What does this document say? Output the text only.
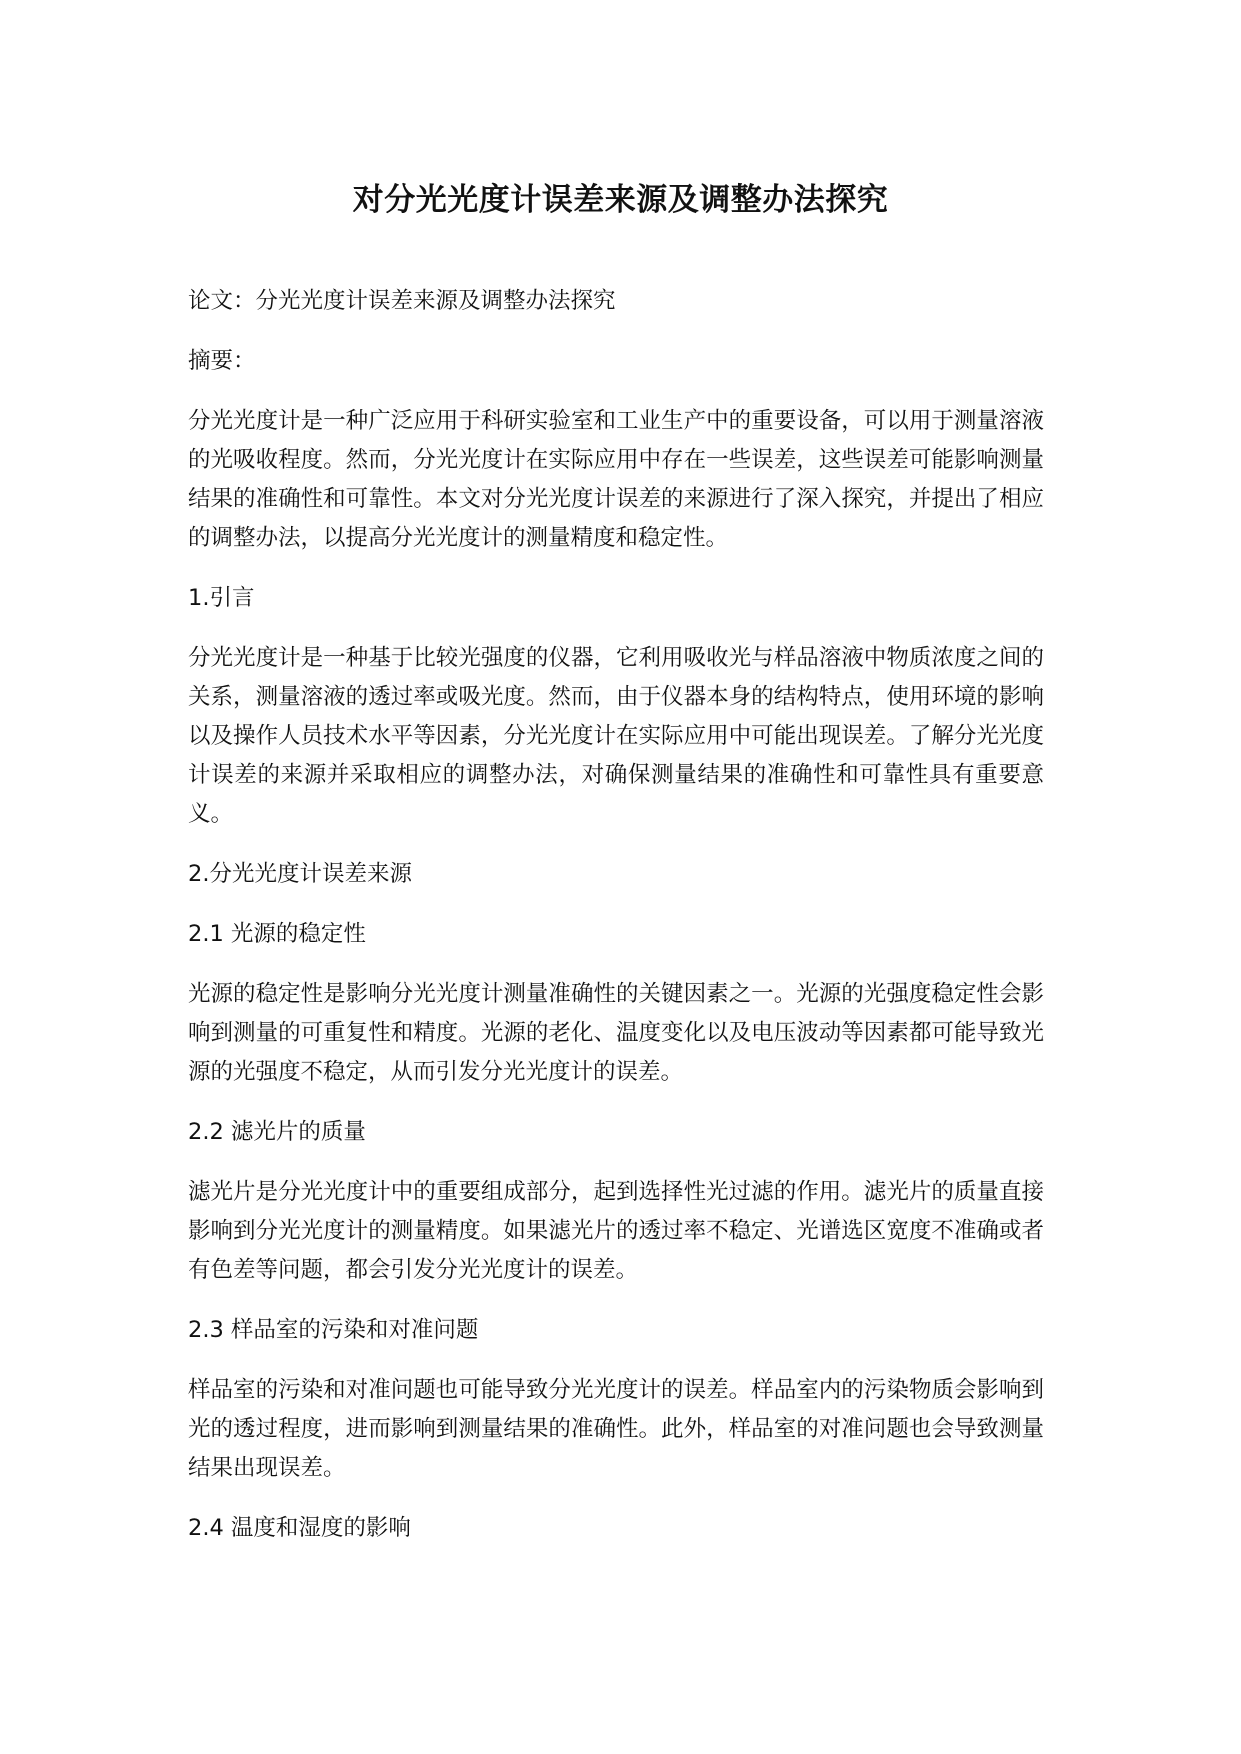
对分光光度计误差来源及调整办法探究

论文：分光光度计误差来源及调整办法探究

摘要：

分光光度计是一种广泛应用于科研实验室和工业生产中的重要设备，可以用于测量溶液的光吸收程度。然而，分光光度计在实际应用中存在一些误差，这些误差可能影响测量结果的准确性和可靠性。本文对分光光度计误差的来源进行了深入探究，并提出了相应的调整办法，以提高分光光度计的测量精度和稳定性。

1.引言

分光光度计是一种基于比较光强度的仪器，它利用吸收光与样品溶液中物质浓度之间的关系，测量溶液的透过率或吸光度。然而，由于仪器本身的结构特点，使用环境的影响以及操作人员技术水平等因素，分光光度计在实际应用中可能出现误差。了解分光光度计误差的来源并采取相应的调整办法，对确保测量结果的准确性和可靠性具有重要意义。

2.分光光度计误差来源

2.1 光源的稳定性

光源的稳定性是影响分光光度计测量准确性的关键因素之一。光源的光强度稳定性会影响到测量的可重复性和精度。光源的老化、温度变化以及电压波动等因素都可能导致光源的光强度不稳定，从而引发分光光度计的误差。

2.2 滤光片的质量

滤光片是分光光度计中的重要组成部分，起到选择性光过滤的作用。滤光片的质量直接影响到分光光度计的测量精度。如果滤光片的透过率不稳定、光谱选区宽度不准确或者有色差等问题，都会引发分光光度计的误差。

2.3 样品室的污染和对准问题

样品室的污染和对准问题也可能导致分光光度计的误差。样品室内的污染物质会影响到光的透过程度，进而影响到测量结果的准确性。此外，样品室的对准问题也会导致测量结果出现误差。

2.4 温度和湿度的影响
